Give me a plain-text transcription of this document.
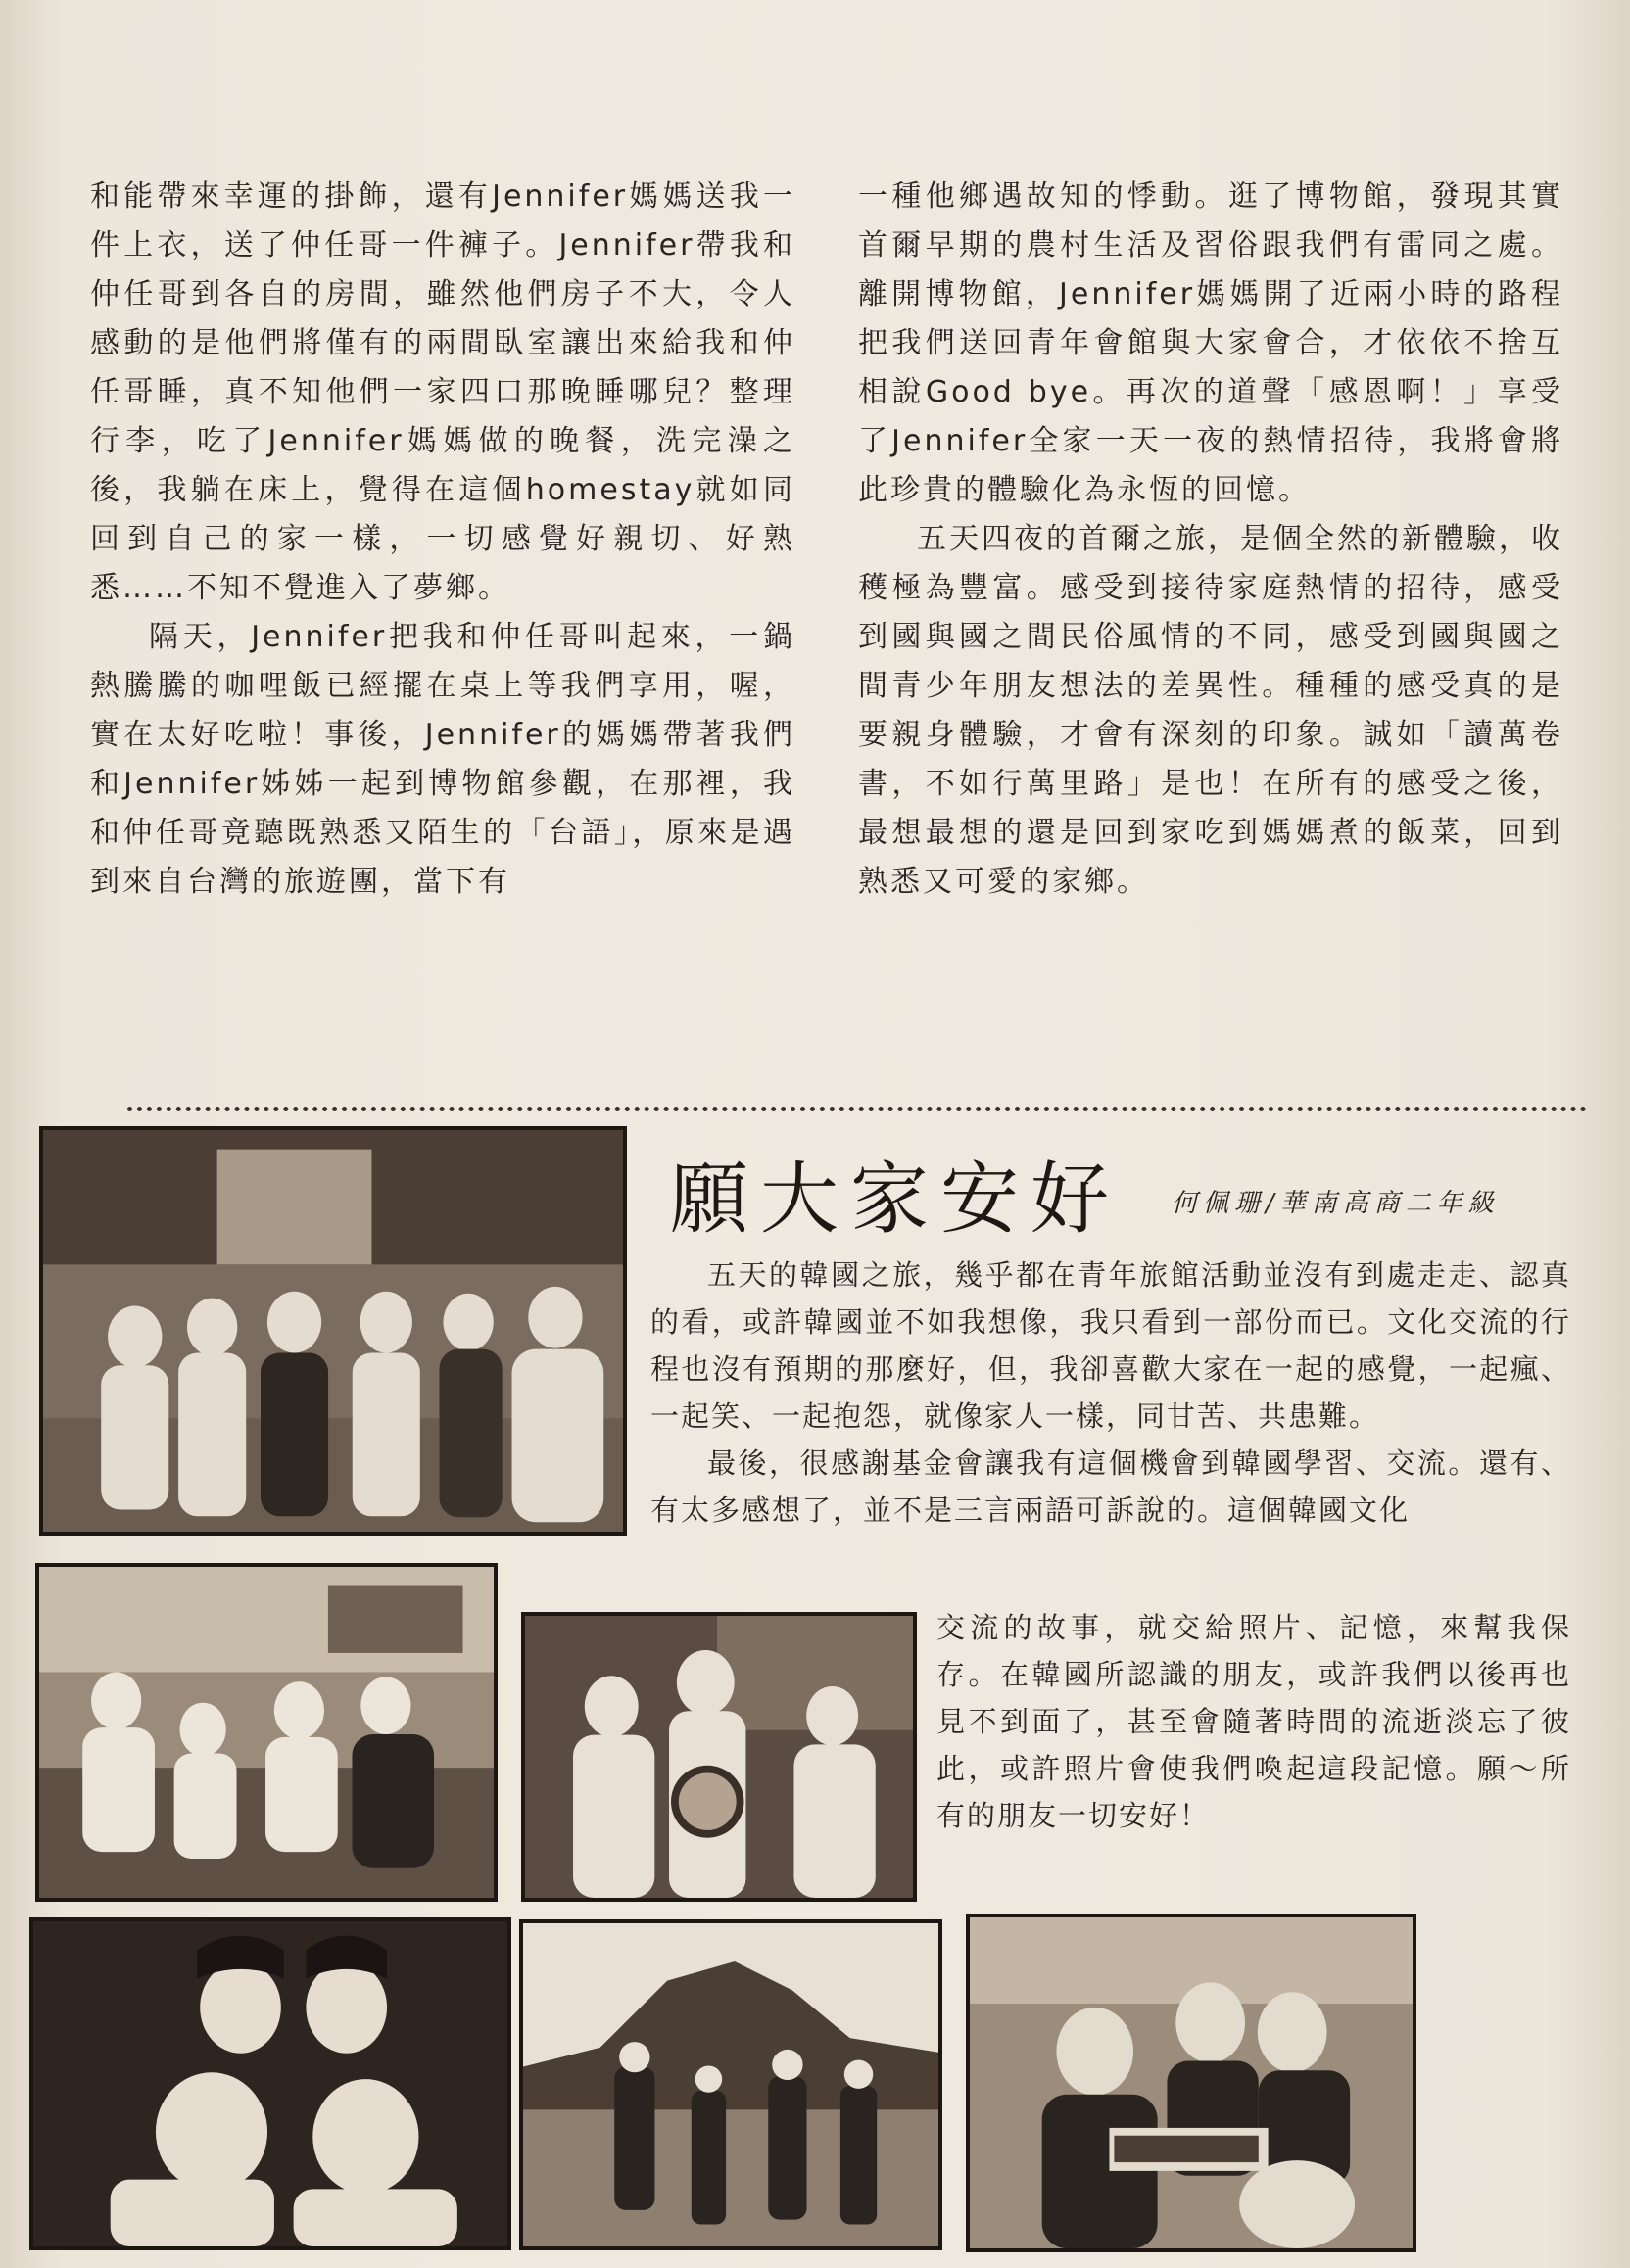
和能帶來幸運的掛飾，還有Jennifer媽媽送我一件上衣，送了仲任哥一件褲子。Jennifer帶我和仲任哥到各自的房間，雖然他們房子不大，令人感動的是他們將僅有的兩間臥室讓出來給我和仲任哥睡，真不知他們一家四口那晚睡哪兒？整理行李，吃了Jennifer媽媽做的晚餐，洗完澡之後，我躺在床上，覺得在這個homestay就如同回到自己的家一樣，一切感覺好親切、好熟悉……不知不覺進入了夢鄉。

隔天，Jennifer把我和仲任哥叫起來，一鍋熱騰騰的咖哩飯已經擺在桌上等我們享用，喔，實在太好吃啦！事後，Jennifer的媽媽帶著我們和Jennifer姊姊一起到博物館參觀，在那裡，我和仲任哥竟聽既熟悉又陌生的「台語」，原來是遇到來自台灣的旅遊團，當下有

一種他鄉遇故知的悸動。逛了博物館，發現其實首爾早期的農村生活及習俗跟我們有雷同之處。離開博物館，Jennifer媽媽開了近兩小時的路程把我們送回青年會館與大家會合，才依依不捨互相說Good bye。再次的道聲「感恩啊！」享受了Jennifer全家一天一夜的熱情招待，我將會將此珍貴的體驗化為永恆的回憶。

五天四夜的首爾之旅，是個全然的新體驗，收穫極為豐富。感受到接待家庭熱情的招待，感受到國與國之間民俗風情的不同，感受到國與國之間青少年朋友想法的差異性。種種的感受真的是要親身體驗，才會有深刻的印象。誠如「讀萬卷書，不如行萬里路」是也！在所有的感受之後，最想最想的還是回到家吃到媽媽煮的飯菜，回到熟悉又可愛的家鄉。

願大家安好 何佩珊/華南高商二年級

五天的韓國之旅，幾乎都在青年旅館活動並沒有到處走走、認真的看，或許韓國並不如我想像，我只看到一部份而已。文化交流的行程也沒有預期的那麼好，但，我卻喜歡大家在一起的感覺，一起瘋、一起笑、一起抱怨，就像家人一樣，同甘苦、共患難。

最後，很感謝基金會讓我有這個機會到韓國學習、交流。還有、有太多感想了，並不是三言兩語可訴說的。這個韓國文化

交流的故事，就交給照片、記憶，來幫我保存。在韓國所認識的朋友，或許我們以後再也見不到面了，甚至會隨著時間的流逝淡忘了彼此，或許照片會使我們喚起這段記憶。願～所有的朋友一切安好！
